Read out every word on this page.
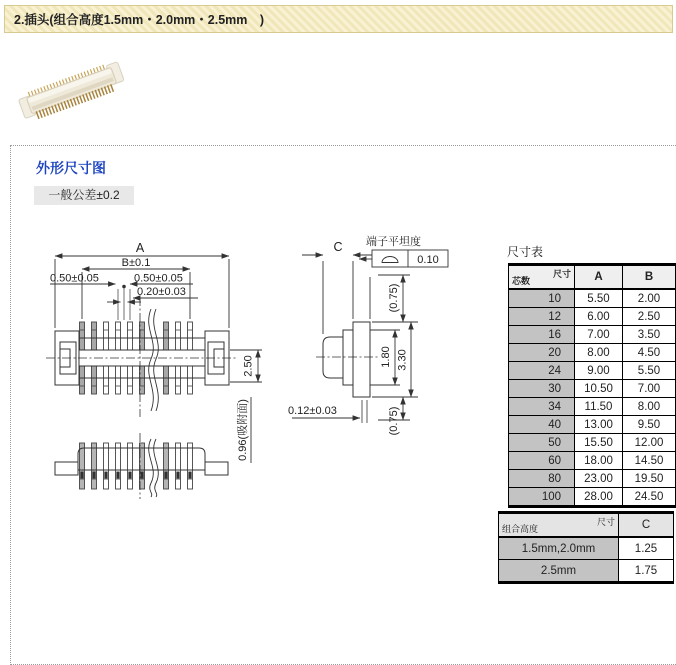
2.插头(组合高度1.5mm・2.0mm・2.5mm　)
外形尺寸图
一般公差±0.2
A
B±0.1
0.50±0.05	0.50±0.05
0.20±0.03
2.50
0.96(吸附面)
C 端子平坦度
0.10
(0.75)
1.80 3.30
(0.75)
0.12±0.03
尺寸表
尺寸
芯数	A	B
10	5.50	2.00
12	6.00	2.50
16	7.00	3.50
20	8.00	4.50
24	9.00	5.50
30	10.50	7.00
34	11.50	8.00
40	13.00	9.50
50	15.50	12.00
60	18.00	14.50
80	23.00	19.50
100	28.00	24.50
尺寸
组合高度	C
1.5mm,2.0mm	1.25
2.5mm	1.75
